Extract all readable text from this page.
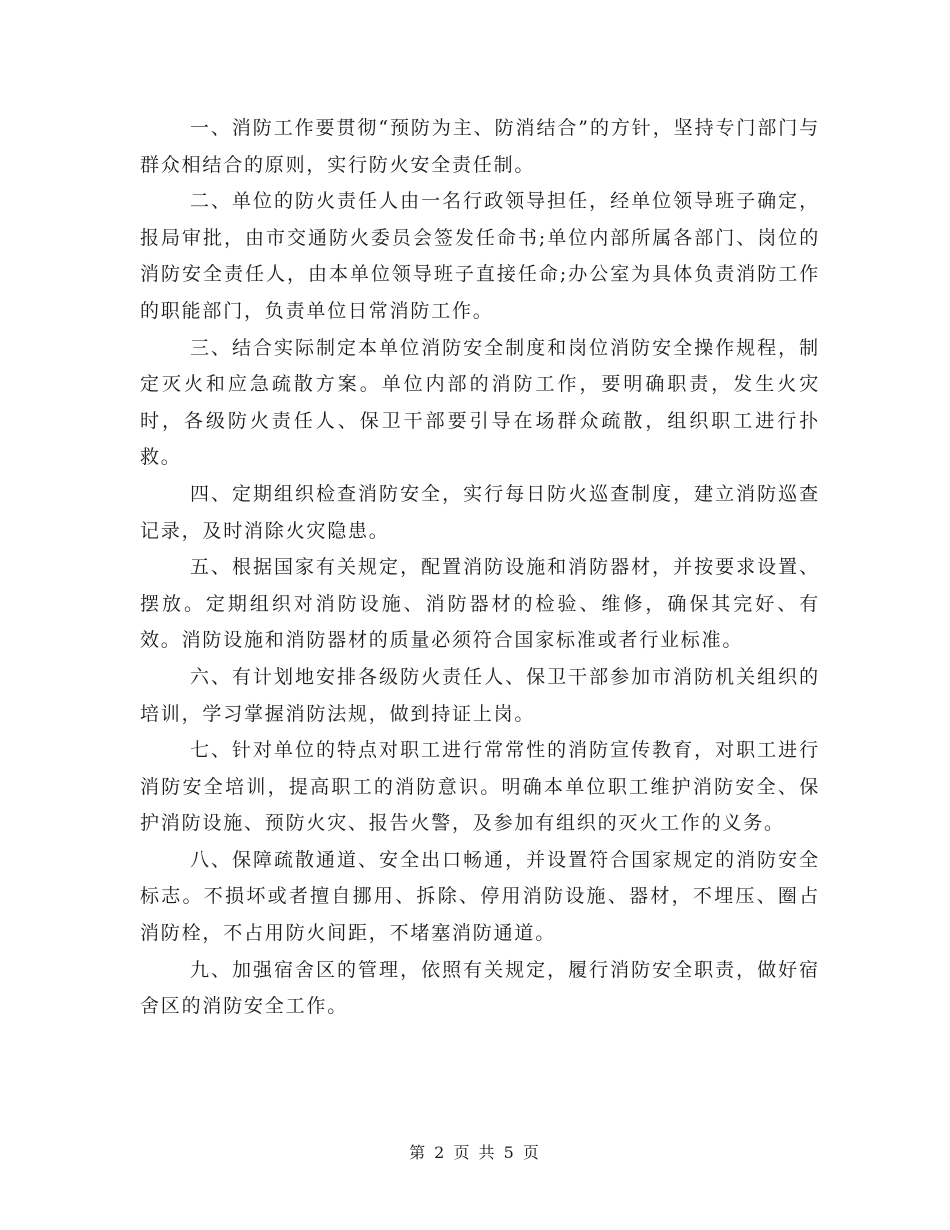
一、消防工作要贯彻“预防为主、防消结合”的方针，坚持专门部门与群众相结合的原则，实行防火安全责任制。

二、单位的防火责任人由一名行政领导担任，经单位领导班子确定，报局审批，由市交通防火委员会签发任命书;单位内部所属各部门、岗位的消防安全责任人，由本单位领导班子直接任命;办公室为具体负责消防工作的职能部门，负责单位日常消防工作。

三、结合实际制定本单位消防安全制度和岗位消防安全操作规程，制定灭火和应急疏散方案。单位内部的消防工作，要明确职责，发生火灾时，各级防火责任人、保卫干部要引导在场群众疏散，组织职工进行扑救。

四、定期组织检查消防安全，实行每日防火巡查制度，建立消防巡查记录，及时消除火灾隐患。

五、根据国家有关规定，配置消防设施和消防器材，并按要求设置、摆放。定期组织对消防设施、消防器材的检验、维修，确保其完好、有效。消防设施和消防器材的质量必须符合国家标准或者行业标准。

六、有计划地安排各级防火责任人、保卫干部参加市消防机关组织的培训，学习掌握消防法规，做到持证上岗。

七、针对单位的特点对职工进行常常性的消防宣传教育，对职工进行消防安全培训，提高职工的消防意识。明确本单位职工维护消防安全、保护消防设施、预防火灾、报告火警，及参加有组织的灭火工作的义务。

八、保障疏散通道、安全出口畅通，并设置符合国家规定的消防安全标志。不损坏或者擅自挪用、拆除、停用消防设施、器材，不埋压、圈占消防栓，不占用防火间距，不堵塞消防通道。

九、加强宿舍区的管理，依照有关规定，履行消防安全职责，做好宿舍区的消防安全工作。

第 2 页 共 5 页
